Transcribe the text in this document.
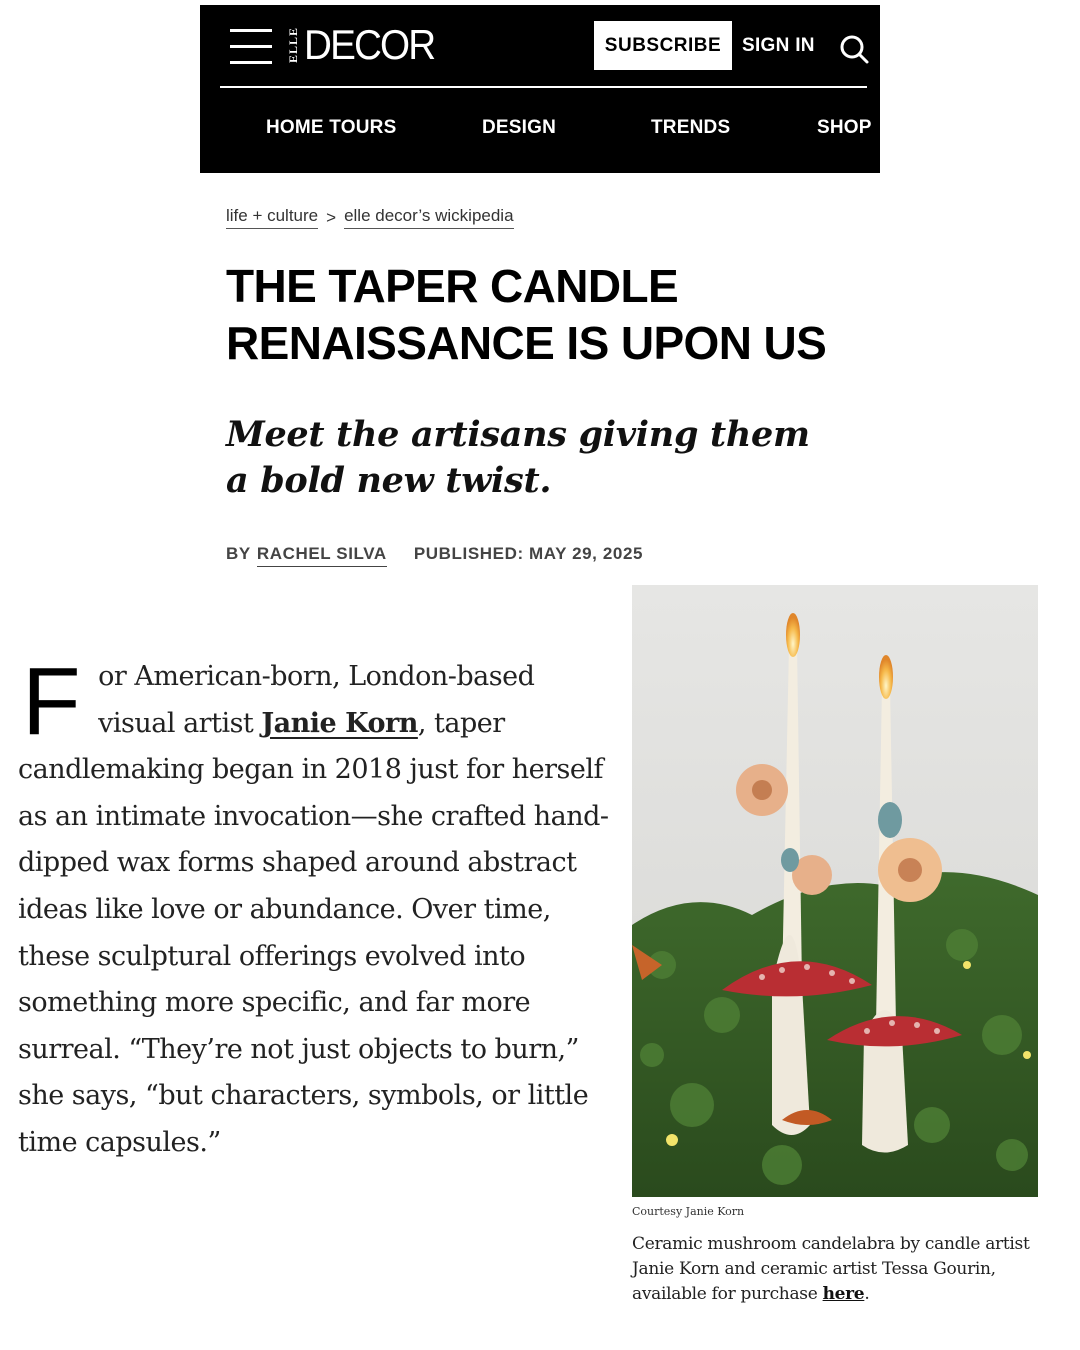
ELLE DECOR	SUBSCRIBE	SIGN IN
HOME TOURS	DESIGN	TRENDS	SHOP
life + culture > elle decor’s wickipedia
THE TAPER CANDLE RENAISSANCE IS UPON US
Meet the artisans giving them a bold new twist.
BY RACHEL SILVA PUBLISHED: MAY 29, 2025

For American-born, London-based visual artist Janie Korn, taper candlemaking began in 2018 just for herself as an intimate invocation—she crafted hand-dipped wax forms shaped around abstract ideas like love or abundance. Over time, these sculptural offerings evolved into something more specific, and far more surreal. “They’re not just objects to burn,” she says, “but characters, symbols, or little time capsules.”

Courtesy Janie Korn

Ceramic mushroom candelabra by candle artist Janie Korn and ceramic artist Tessa Gourin, available for purchase here.
